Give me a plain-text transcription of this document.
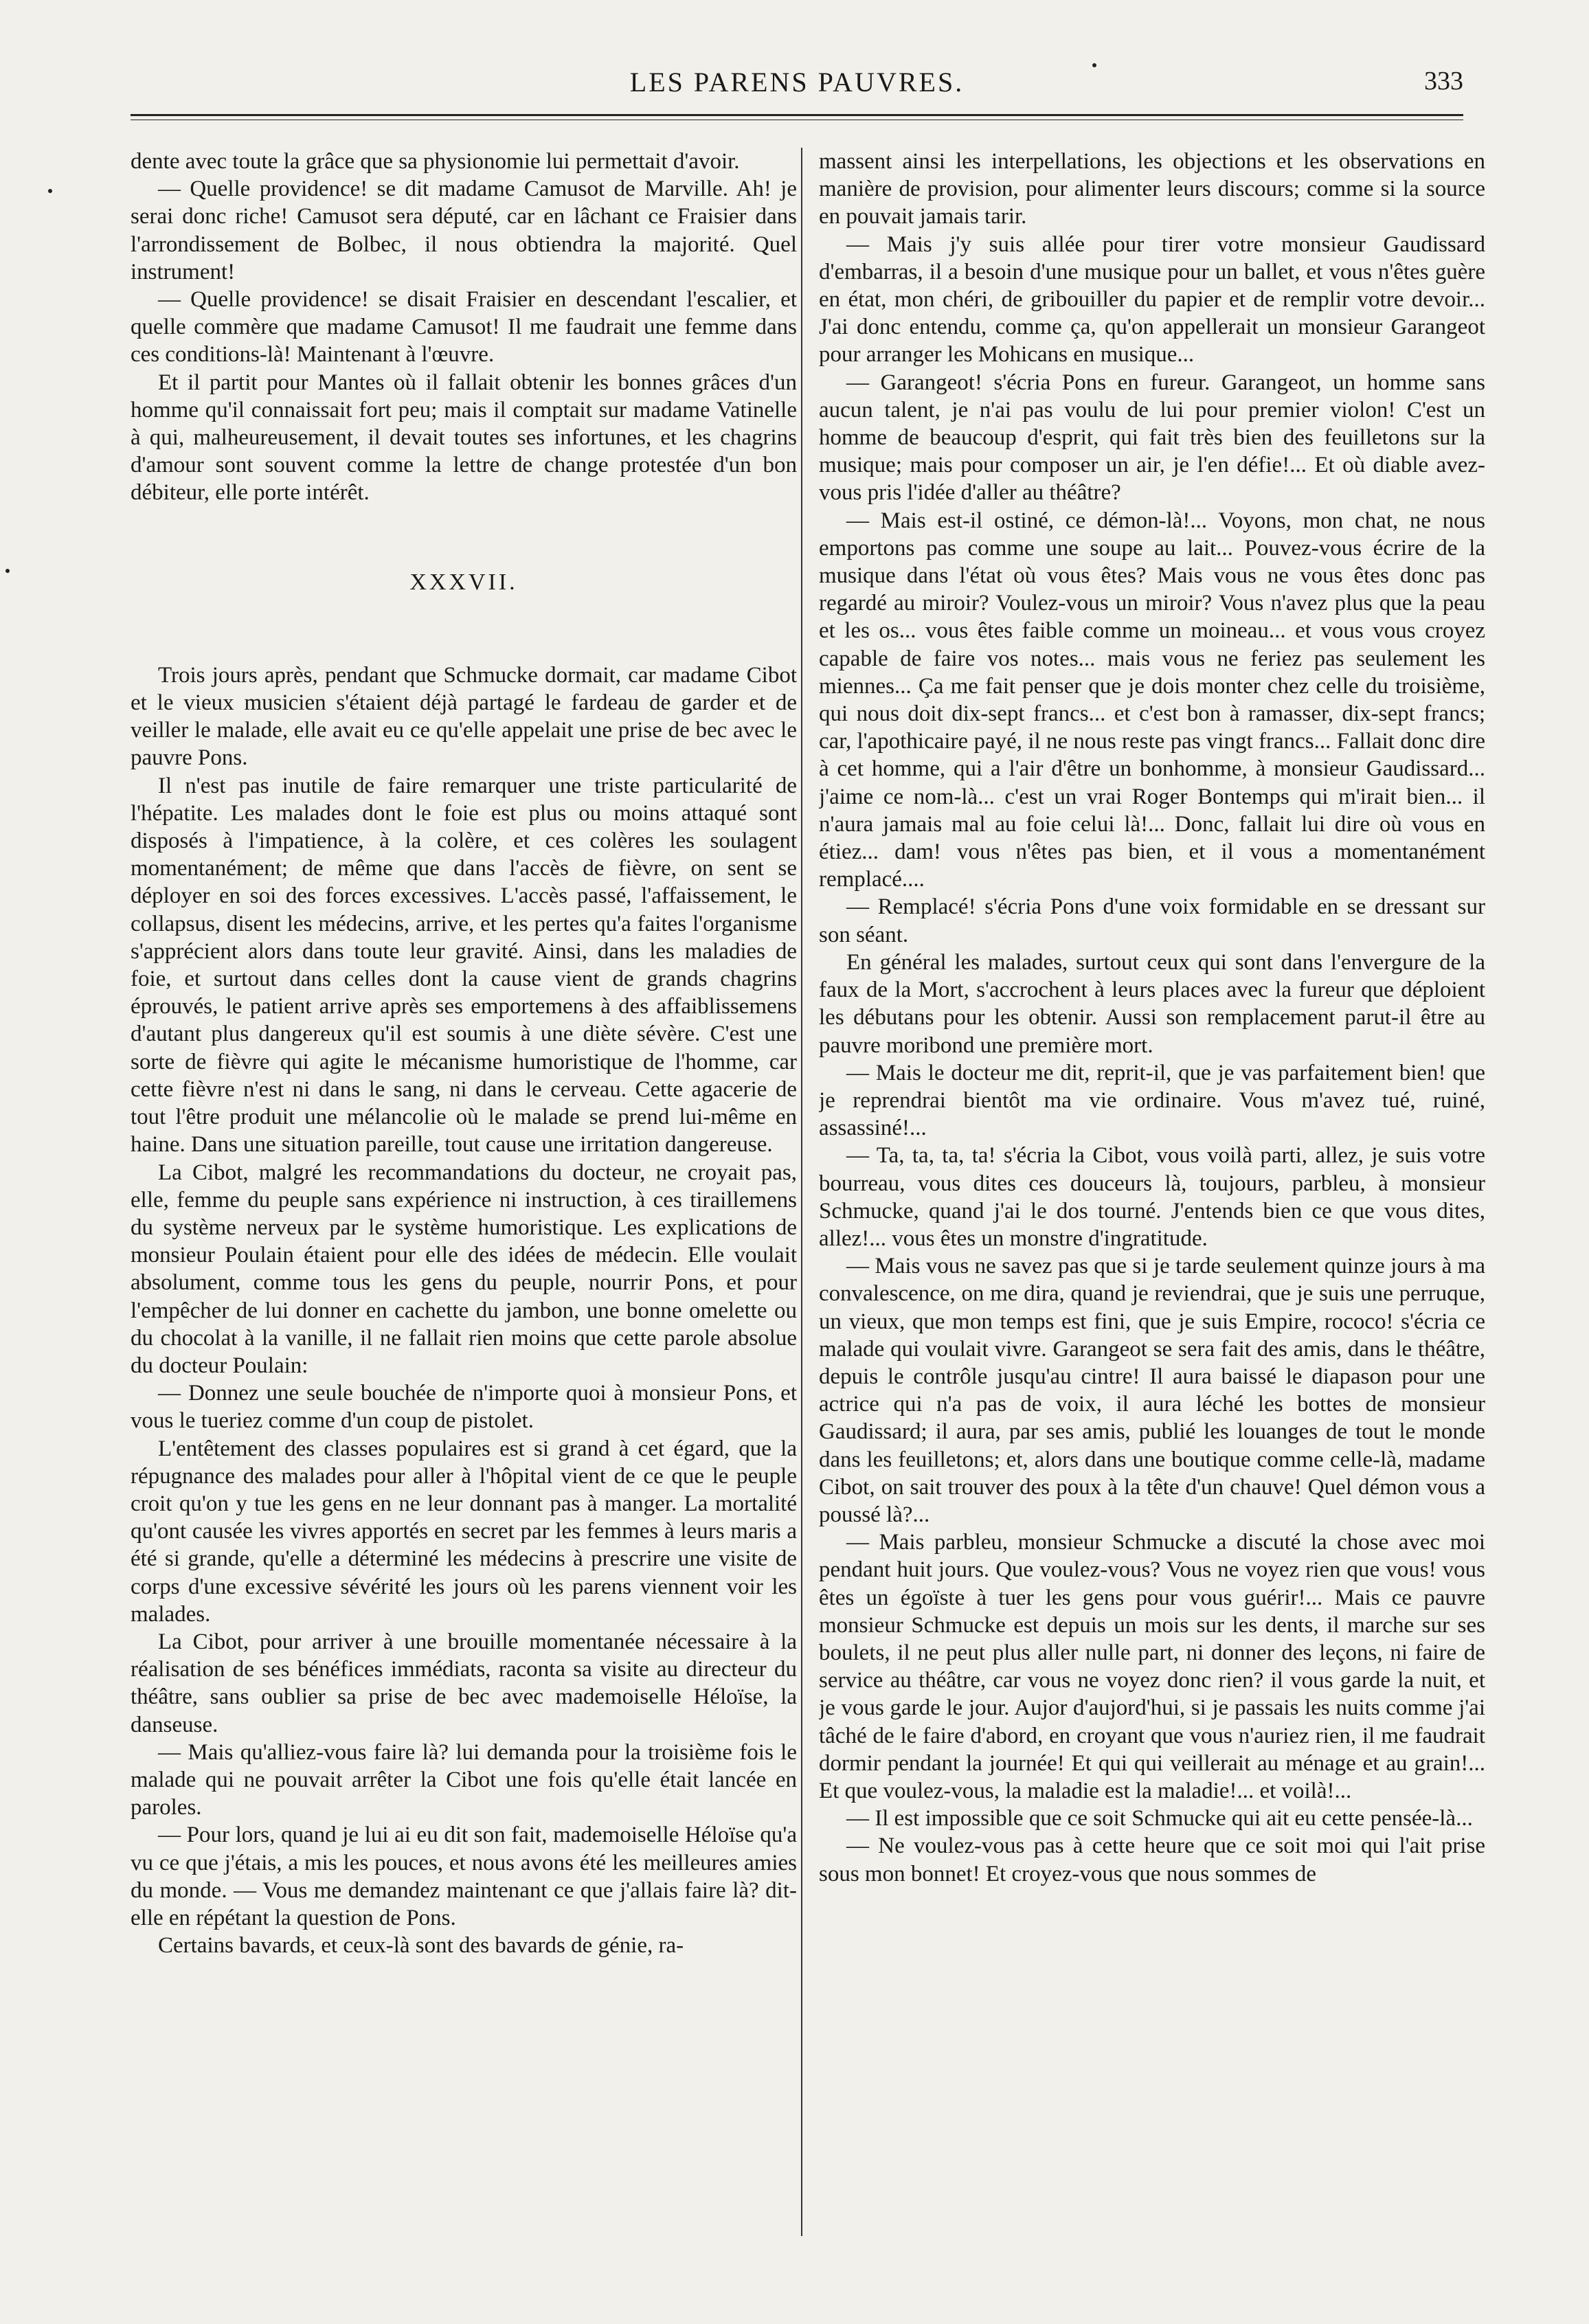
LES PARENS PAUVRES.	333

dente avec toute la grâce que sa physionomie lui permettait d'avoir.

— Quelle providence! se dit madame Camusot de Marville. Ah! je serai donc riche! Camusot sera député, car en lâchant ce Fraisier dans l'arrondissement de Bolbec, il nous obtiendra la majorité. Quel instrument!

— Quelle providence! se disait Fraisier en descendant l'escalier, et quelle commère que madame Camusot! Il me faudrait une femme dans ces conditions-là! Maintenant à l'œuvre.

Et il partit pour Mantes où il fallait obtenir les bonnes grâces d'un homme qu'il connaissait fort peu; mais il comptait sur madame Vatinelle à qui, malheureusement, il devait toutes ses infortunes, et les chagrins d'amour sont souvent comme la lettre de change protestée d'un bon débiteur, elle porte intérêt.

XXXVII.

Trois jours après, pendant que Schmucke dormait, car madame Cibot et le vieux musicien s'étaient déjà partagé le fardeau de garder et de veiller le malade, elle avait eu ce qu'elle appelait une prise de bec avec le pauvre Pons.

Il n'est pas inutile de faire remarquer une triste particularité de l'hépatite. Les malades dont le foie est plus ou moins attaqué sont disposés à l'impatience, à la colère, et ces colères les soulagent momentanément; de même que dans l'accès de fièvre, on sent se déployer en soi des forces excessives. L'accès passé, l'affaissement, le collapsus, disent les médecins, arrive, et les pertes qu'a faites l'organisme s'apprécient alors dans toute leur gravité. Ainsi, dans les maladies de foie, et surtout dans celles dont la cause vient de grands chagrins éprouvés, le patient arrive après ses emportemens à des affaiblissemens d'autant plus dangereux qu'il est soumis à une diète sévère. C'est une sorte de fièvre qui agite le mécanisme humoristique de l'homme, car cette fièvre n'est ni dans le sang, ni dans le cerveau. Cette agacerie de tout l'être produit une mélancolie où le malade se prend lui-même en haine. Dans une situation pareille, tout cause une irritation dangereuse.

La Cibot, malgré les recommandations du docteur, ne croyait pas, elle, femme du peuple sans expérience ni instruction, à ces tiraillemens du système nerveux par le système humoristique. Les explications de monsieur Poulain étaient pour elle des idées de médecin. Elle voulait absolument, comme tous les gens du peuple, nourrir Pons, et pour l'empêcher de lui donner en cachette du jambon, une bonne omelette ou du chocolat à la vanille, il ne fallait rien moins que cette parole absolue du docteur Poulain:

— Donnez une seule bouchée de n'importe quoi à monsieur Pons, et vous le tueriez comme d'un coup de pistolet.

L'entêtement des classes populaires est si grand à cet égard, que la répugnance des malades pour aller à l'hôpital vient de ce que le peuple croit qu'on y tue les gens en ne leur donnant pas à manger. La mortalité qu'ont causée les vivres apportés en secret par les femmes à leurs maris a été si grande, qu'elle a déterminé les médecins à prescrire une visite de corps d'une excessive sévérité les jours où les parens viennent voir les malades.

La Cibot, pour arriver à une brouille momentanée nécessaire à la réalisation de ses bénéfices immédiats, raconta sa visite au directeur du théâtre, sans oublier sa prise de bec avec mademoiselle Héloïse, la danseuse.

— Mais qu'alliez-vous faire là? lui demanda pour la troisième fois le malade qui ne pouvait arrêter la Cibot une fois qu'elle était lancée en paroles.

— Pour lors, quand je lui ai eu dit son fait, mademoiselle Héloïse qu'a vu ce que j'étais, a mis les pouces, et nous avons été les meilleures amies du monde. — Vous me demandez maintenant ce que j'allais faire là? dit-elle en répétant la question de Pons.

Certains bavards, et ceux-là sont des bavards de génie, ra-

massent ainsi les interpellations, les objections et les observations en manière de provision, pour alimenter leurs discours; comme si la source en pouvait jamais tarir.

— Mais j'y suis allée pour tirer votre monsieur Gaudissard d'embarras, il a besoin d'une musique pour un ballet, et vous n'êtes guère en état, mon chéri, de gribouiller du papier et de remplir votre devoir... J'ai donc entendu, comme ça, qu'on appellerait un monsieur Garangeot pour arranger les Mohicans en musique...

— Garangeot! s'écria Pons en fureur. Garangeot, un homme sans aucun talent, je n'ai pas voulu de lui pour premier violon! C'est un homme de beaucoup d'esprit, qui fait très bien des feuilletons sur la musique; mais pour composer un air, je l'en défie!... Et où diable avez-vous pris l'idée d'aller au théâtre?

— Mais est-il ostiné, ce démon-là!... Voyons, mon chat, ne nous emportons pas comme une soupe au lait... Pouvez-vous écrire de la musique dans l'état où vous êtes? Mais vous ne vous êtes donc pas regardé au miroir? Voulez-vous un miroir? Vous n'avez plus que la peau et les os... vous êtes faible comme un moineau... et vous vous croyez capable de faire vos notes... mais vous ne feriez pas seulement les miennes... Ça me fait penser que je dois monter chez celle du troisième, qui nous doit dix-sept francs... et c'est bon à ramasser, dix-sept francs; car, l'apothicaire payé, il ne nous reste pas vingt francs... Fallait donc dire à cet homme, qui a l'air d'être un bonhomme, à monsieur Gaudissard... j'aime ce nom-là... c'est un vrai Roger Bontemps qui m'irait bien... il n'aura jamais mal au foie celui là!... Donc, fallait lui dire où vous en étiez... dam! vous n'êtes pas bien, et il vous a momentanément remplacé....

— Remplacé! s'écria Pons d'une voix formidable en se dressant sur son séant.

En général les malades, surtout ceux qui sont dans l'envergure de la faux de la Mort, s'accrochent à leurs places avec la fureur que déploient les débutans pour les obtenir. Aussi son remplacement parut-il être au pauvre moribond une première mort.

— Mais le docteur me dit, reprit-il, que je vas parfaitement bien! que je reprendrai bientôt ma vie ordinaire. Vous m'avez tué, ruiné, assassiné!...

— Ta, ta, ta, ta! s'écria la Cibot, vous voilà parti, allez, je suis votre bourreau, vous dites ces douceurs là, toujours, parbleu, à monsieur Schmucke, quand j'ai le dos tourné. J'entends bien ce que vous dites, allez!... vous êtes un monstre d'ingratitude.

— Mais vous ne savez pas que si je tarde seulement quinze jours à ma convalescence, on me dira, quand je reviendrai, que je suis une perruque, un vieux, que mon temps est fini, que je suis Empire, rococo! s'écria ce malade qui voulait vivre. Garangeot se sera fait des amis, dans le théâtre, depuis le contrôle jusqu'au cintre! Il aura baissé le diapason pour une actrice qui n'a pas de voix, il aura léché les bottes de monsieur Gaudissard; il aura, par ses amis, publié les louanges de tout le monde dans les feuilletons; et, alors dans une boutique comme celle-là, madame Cibot, on sait trouver des poux à la tête d'un chauve! Quel démon vous a poussé là?...

— Mais parbleu, monsieur Schmucke a discuté la chose avec moi pendant huit jours. Que voulez-vous? Vous ne voyez rien que vous! vous êtes un égoïste à tuer les gens pour vous guérir!... Mais ce pauvre monsieur Schmucke est depuis un mois sur les dents, il marche sur ses boulets, il ne peut plus aller nulle part, ni donner des leçons, ni faire de service au théâtre, car vous ne voyez donc rien? il vous garde la nuit, et je vous garde le jour. Aujor d'aujord'hui, si je passais les nuits comme j'ai tâché de le faire d'abord, en croyant que vous n'auriez rien, il me faudrait dormir pendant la journée! Et qui qui veillerait au ménage et au grain!... Et que voulez-vous, la maladie est la maladie!... et voilà!...

— Il est impossible que ce soit Schmucke qui ait eu cette pensée-là...

— Ne voulez-vous pas à cette heure que ce soit moi qui l'ait prise sous mon bonnet! Et croyez-vous que nous sommes de
